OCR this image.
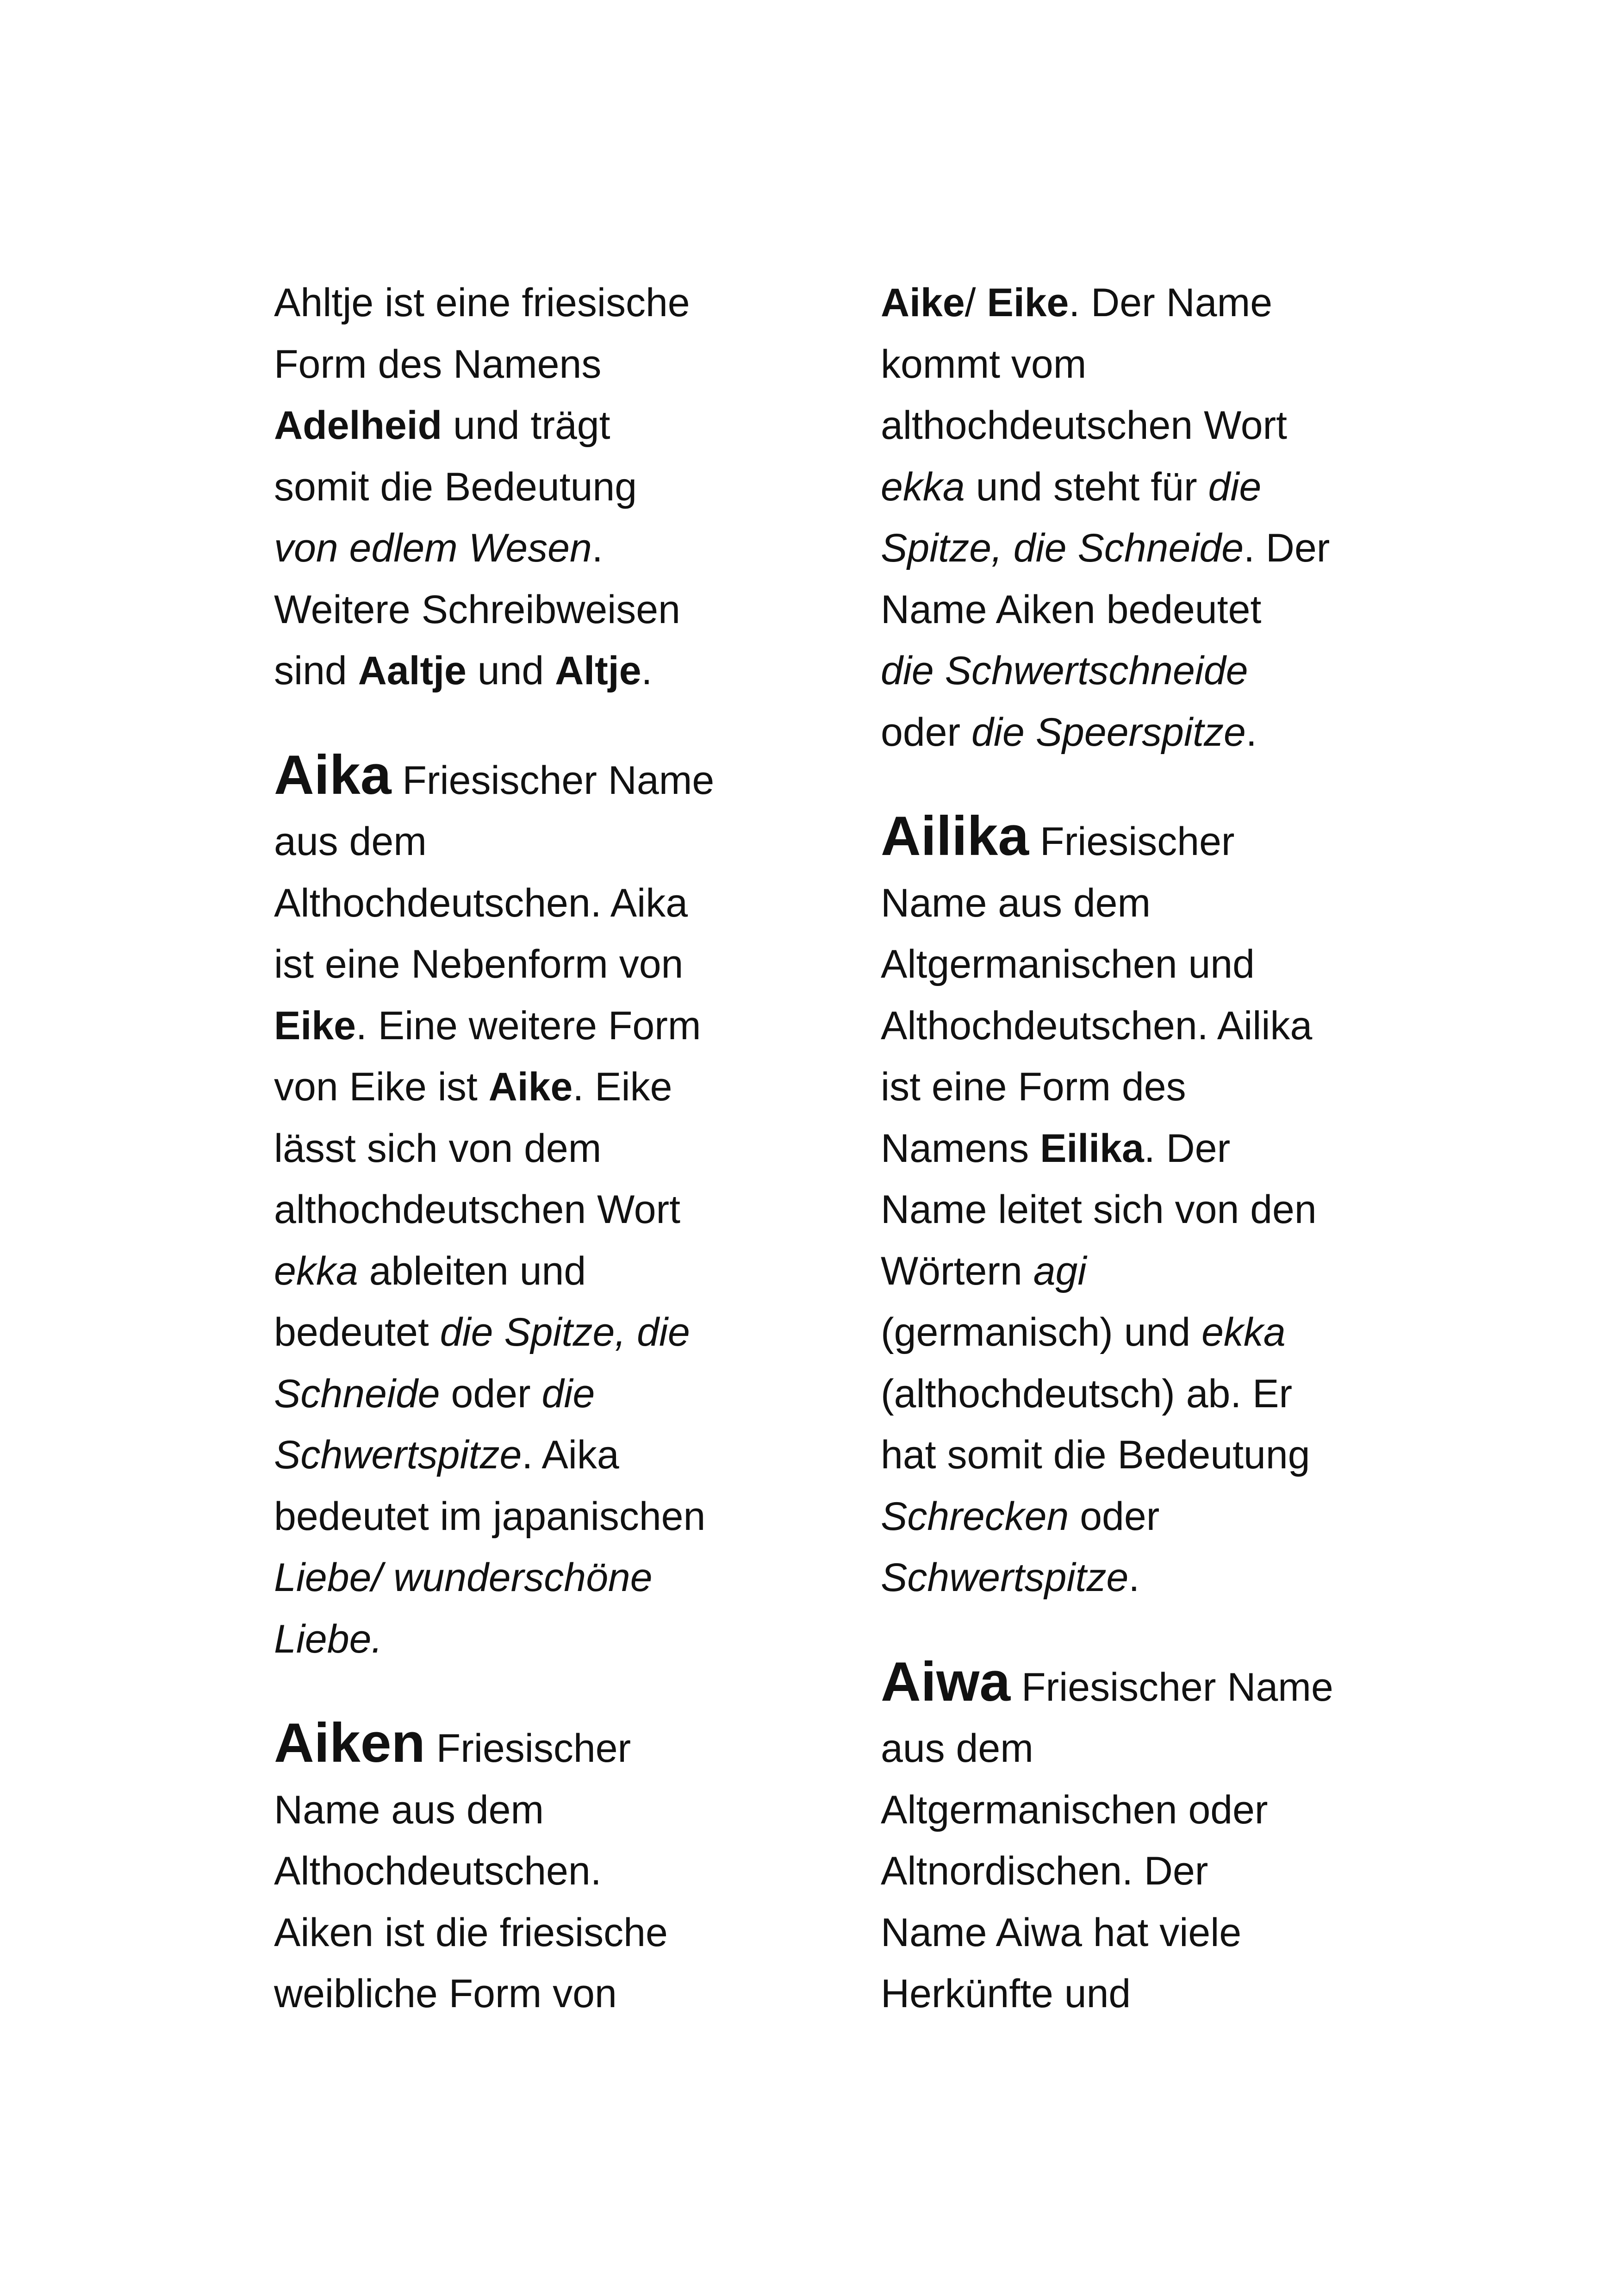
Ahltje ist eine friesische
Form des Namens
Adelheid und trägt
somit die Bedeutung
von edlem Wesen.
Weitere Schreibweisen
sind Aaltje und Altje.

Aika Friesischer Name
aus dem
Althochdeutschen. Aika
ist eine Nebenform von
Eike. Eine weitere Form
von Eike ist Aike. Eike
lässt sich von dem
althochdeutschen Wort
ekka ableiten und
bedeutet die Spitze, die
Schneide oder die
Schwertspitze. Aika
bedeutet im japanischen
Liebe/ wunderschöne
Liebe.

Aiken Friesischer
Name aus dem
Althochdeutschen.
Aiken ist die friesische
weibliche Form von

Aike/ Eike. Der Name
kommt vom
althochdeutschen Wort
ekka und steht für die
Spitze, die Schneide. Der
Name Aiken bedeutet
die Schwertschneide
oder die Speerspitze.

Ailika Friesischer
Name aus dem
Altgermanischen und
Althochdeutschen. Ailika
ist eine Form des
Namens Eilika. Der
Name leitet sich von den
Wörtern agi
(germanisch) und ekka
(althochdeutsch) ab. Er
hat somit die Bedeutung
Schrecken oder
Schwertspitze.

Aiwa Friesischer Name
aus dem
Altgermanischen oder
Altnordischen. Der
Name Aiwa hat viele
Herkünfte und
